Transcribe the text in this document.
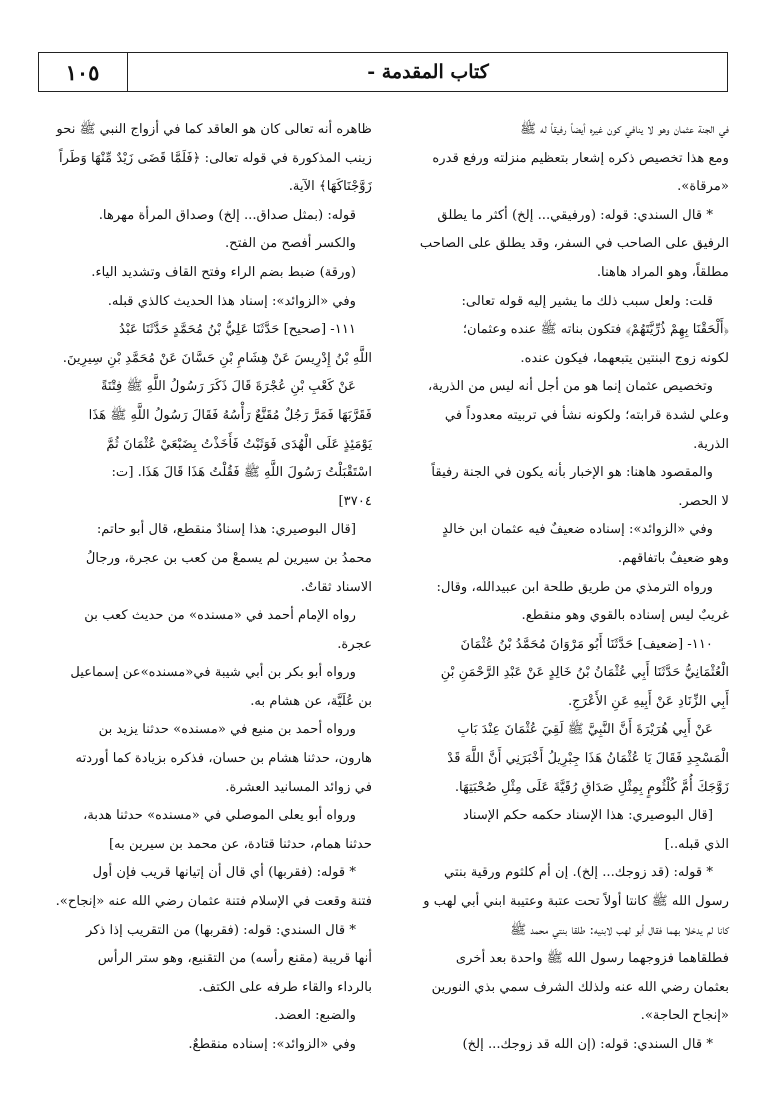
١٠٥	- كتاب المقدمة

في الجنة عثمان وهو لا ينافي كون غيره أيضاً رفيقاً له ﷺ

ومع هذا تخصيص ذكره إشعار بتعظيم منزلته ورفع قدره

«مرقاة».

* قال السندي: قوله: (ورفيقي... إلخ) أكثر ما يطلق

الرفيق على الصاحب في السفر، وقد يطلق على الصاحب

مطلقاً، وهو المراد هاهنا.

قلت: ولعل سبب ذلك ما يشير إليه قوله تعالى:

﴿أَلْحَقْنَا بِهِمْ ذُرِّيَّتَهُمْ﴾ فتكون بناته ﷺ عنده وعثمان؛

لكونه زوج البنتين يتبعهما، فيكون عنده.

وتخصيص عثمان إنما هو من أجل أنه ليس من الذرية،

وعلي لشدة قرابته؛ ولكونه نشأ في تربيته معدوداً في

الذرية.

والمقصود هاهنا: هو الإخبار بأنه يكون في الجنة رفيقاً

لا الحصر.

وفي «الزوائد»: إسناده ضعيفٌ فيه عثمان ابن خالدٍ

وهو ضعيفٌ باتفاقهم.

ورواه الترمذي من طريق طلحة ابن عبيدالله، وقال:

غريبٌ ليس إسناده بالقوي وهو منقطع.

١١٠- [ضعيف] حَدَّثَنَا أَبُو مَرْوَانَ مُحَمَّدُ بْنُ عُثْمَانَ

الْعُثْمَانِيُّ حَدَّثَنَا أَبِي عُثْمَانُ بْنُ خَالِدٍ عَنْ عَبْدِ الرَّحْمَنِ بْنِ

أَبِي الزِّنَادِ عَنْ أَبِيهِ عَنِ الأَعْرَجِ.

عَنْ أَبِي هُرَيْرَةَ أَنَّ النَّبِيَّ ﷺ لَقِيَ عُثْمَانَ عِنْدَ بَابِ

الْمَسْجِدِ فَقَالَ يَا عُثْمَانُ هَذَا جِبْرِيلُ أَخْبَرَنِي أَنَّ اللَّهَ قَدْ

زَوَّجَكَ أُمَّ كُلْثُومٍ بِمِثْلِ صَدَاقِ رُقَيَّةَ عَلَى مِثْلِ صُحْبَتِهَا.

[قال البوصيري: هذا الإسناد حكمه حكم الإسناد

الذي قبله..]

* قوله: (قد زوجك... إلخ). إن أم كلثوم ورقية بنتي

رسول الله ﷺ كانتا أولاً تحت عتبة وعتيبة ابني أبي لهب و

كانا لم يدخلا بهما فقال أبو لهب لابنيه: طلقا بنتي محمد ﷺ

فطلقاهما فزوجهما رسول الله ﷺ واحدة بعد أخرى

بعثمان رضي الله عنه ولذلك الشرف سمي بذي النورين

«إنجاح الحاجة».

* قال السندي: قوله: (إن الله قد زوجك... إلخ)

ظاهره أنه تعالى كان هو العاقد كما في أزواج النبي ﷺ نحو

زينب المذكورة في قوله تعالى: ﴿فَلَمَّا قَضَى زَيْدٌ مِّنْهَا وَطَراً

زَوَّجْنَاكَهَا﴾ الآية.

قوله: (بمثل صداق... إلخ) وصداق المرأة مهرها.

والكسر أفصح من الفتح.

(ورقة) ضبط بضم الراء وفتح القاف وتشديد الياء.

وفي «الزوائد»: إسناد هذا الحديث كالذي قبله.

١١١- [صحيح] حَدَّثَنَا عَلِيُّ بْنُ مُحَمَّدٍ حَدَّثَنَا عَبْدُ

اللَّهِ بْنُ إِدْرِيسَ عَنْ هِشَامِ بْنِ حَسَّانَ عَنْ مُحَمَّدِ بْنِ سِيرِينَ.

عَنْ كَعْبِ بْنِ عُجْرَةَ قَالَ ذَكَرَ رَسُولُ اللَّهِ ﷺ فِتْنَةً

فَقَرَّبَهَا فَمَرَّ رَجُلٌ مُقَنَّعٌ رَأْسُهُ فَقَالَ رَسُولُ اللَّهِ ﷺ هَذَا

يَوْمَئِذٍ عَلَى الْهُدَى فَوَثَبْتُ فَأَخَذْتُ بِضَبْعَيْ عُثْمَانَ ثُمَّ

اسْتَقْبَلْتُ رَسُولَ اللَّهِ ﷺ فَقُلْتُ هَذَا قَالَ هَذَا. [ت:

٣٧٠٤]

[قال البوصيري: هذا إسنادٌ منقطع، قال أبو حاتم:

محمدُ بن سيرين لم يسمعْ من كعب بن عجرة، ورجالُ

الاسناد ثقاتٌ.

رواه الإمام أحمد في «مسنده» من حديث كعب بن

عجرة.

ورواه أبو بكر بن أبي شيبة في«مسنده»عن إسماعيل

بن عُلَيَّة، عن هشام به.

ورواه أحمد بن منيع في «مسنده» حدثنا يزيد بن

هارون، حدثنا هشام بن حسان، فذكره بزيادة كما أوردته

في زوائد المسانيد العشرة.

ورواه أبو يعلى الموصلي في «مسنده» حدثنا هدبة،

حدثنا همام، حدثنا قتادة، عن محمد بن سيرين به]

* قوله: (فقربها) أي قال أن إتيانها قريب فإن أول

فتنة وقعت في الإسلام فتنة عثمان رضي الله عنه «إنجاح».

* قال السندي: قوله: (فقربها) من التقريب إذا ذكر

أنها قريبة (مقنع رأسه) من التقنيع، وهو ستر الرأس

بالرداء والقاء طرفه على الكتف.

والضبع: العضد.

وفي «الزوائد»: إسناده منقطعٌ.
